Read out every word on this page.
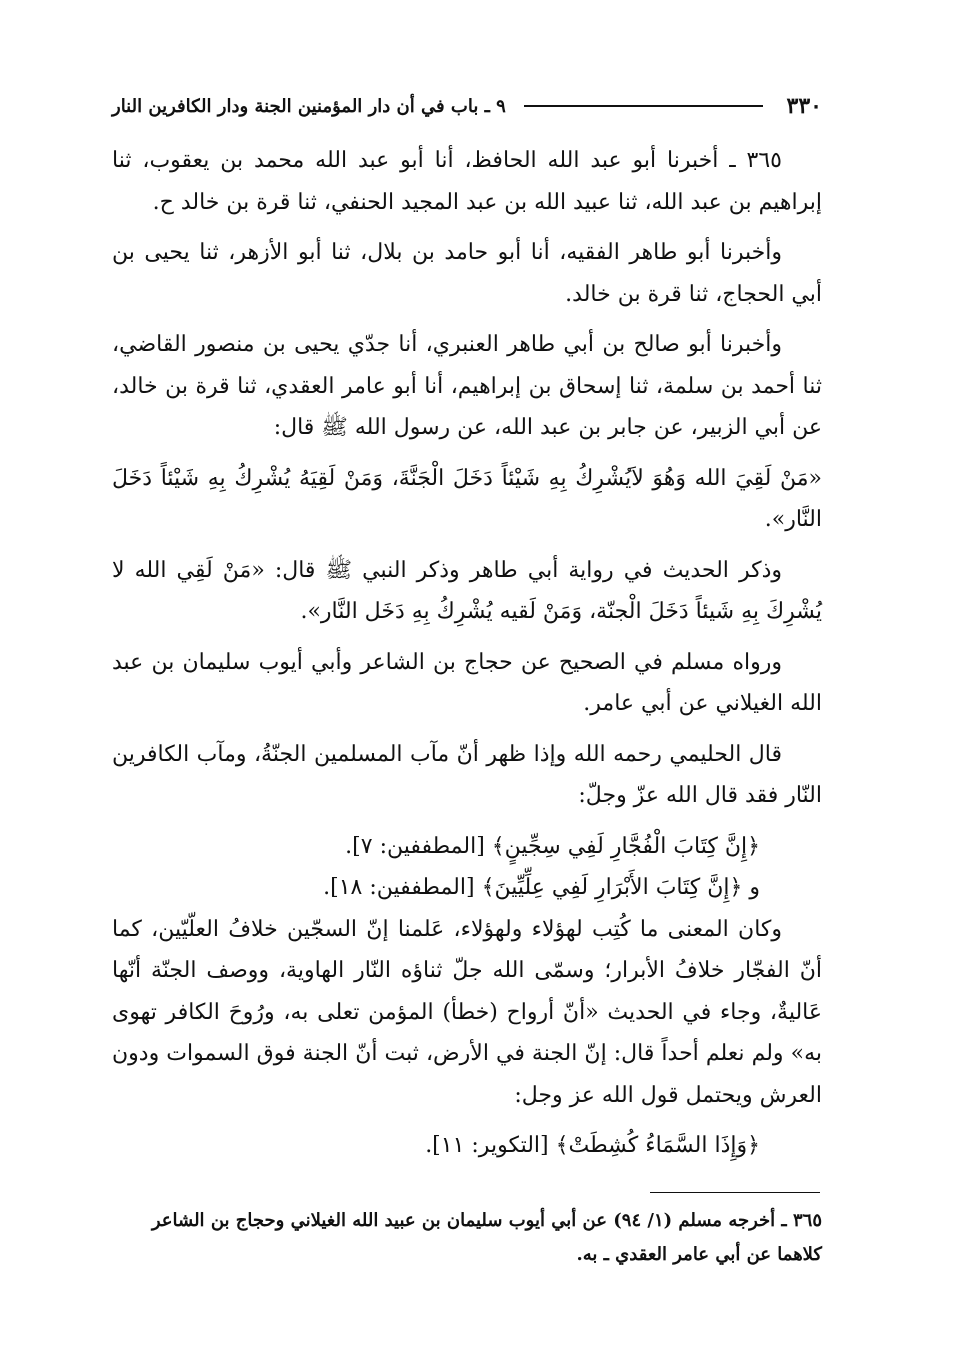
٣٣٠
٩ ـ باب في أن دار المؤمنين الجنة ودار الكافرين النار

٣٦٥ ـ أخبرنا أبو عبد الله الحافظ، أنا أبو عبد الله محمد بن يعقوب، ثنا إبراهيم بن عبد الله، ثنا عبيد الله بن عبد المجيد الحنفي، ثنا قرة بن خالد ح.

وأخبرنا أبو طاهر الفقيه، أنا أبو حامد بن بلال، ثنا أبو الأزهر، ثنا يحيى بن أبي الحجاج، ثنا قرة بن خالد.

وأخبرنا أبو صالح بن أبي طاهر العنبري، أنا جدّي يحيى بن منصور القاضي، ثنا أحمد بن سلمة، ثنا إسحاق بن إبراهيم، أنا أبو عامر العقدي، ثنا قرة بن خالد، عن أبي الزبير، عن جابر بن عبد الله، عن رسول الله ﷺ قال:

«مَنْ لَقِيَ الله وَهُوَ لاَيُشْرِكُ بِهِ شَيْئاً دَخَلَ الْجَنَّةَ، وَمَنْ لَقِيَهُ يُشْرِكُ بِهِ شَيْئاً دَخَلَ النَّار».

وذكر الحديث في رواية أبي طاهر وذكر النبي ﷺ قال: «مَنْ لَقِي الله لا يُشْرِكَ بِهِ شَيئاً دَخَلَ الْجنّة، وَمَنْ لَقيه يُشْرِكُ بِهِ دَخَل النَّار».

ورواه مسلم في الصحيح عن حجاج بن الشاعر وأبي أيوب سليمان بن عبد الله الغيلاني عن أبي عامر.

قال الحليمي رحمه الله وإذا ظهر أنّ مآب المسلمين الجنّةُ، ومآب الكافرين النّار فقد قال الله عزّ وجلّ:

﴿إِنَّ كِتَابَ الْفُجَّارِ لَفِي سِجِّينٍ﴾ [المطففين: ٧].

و ﴿إِنَّ كِتَابَ الأَبْرَارِ لَفِي عِلِّيِّينَ﴾ [المطففين: ١٨].

وكان المعنى ما كُتِب لهؤلاء ولهؤلاء، عَلمنا إنّ السجّين خلافُ العلّيّين، كما أنّ الفجّار خلافُ الأبرار؛ وسمّى الله جلّ ثناؤه النّار الهاوية، ووصف الجنّة أنّها عَاليةٌ، وجاء في الحديث «أنّ أرواح (خطأ) المؤمن تعلى به، ورُوحَ الكافر تهوى به» ولم نعلم أحداً قال: إنّ الجنة في الأرض، ثبت أنّ الجنة فوق السموات ودون العرش ويحتمل قول الله عز وجل:

﴿وَإِذَا السَّمَاءُ كُشِطَتْ﴾ [التكوير: ١١].

٣٦٥ ـ أخرجه مسلم (١/ ٩٤) عن أبي أيوب سليمان بن عبيد الله الغيلاني وحجاج بن الشاعر كلاهما عن أبي عامر العقدي ـ به.
